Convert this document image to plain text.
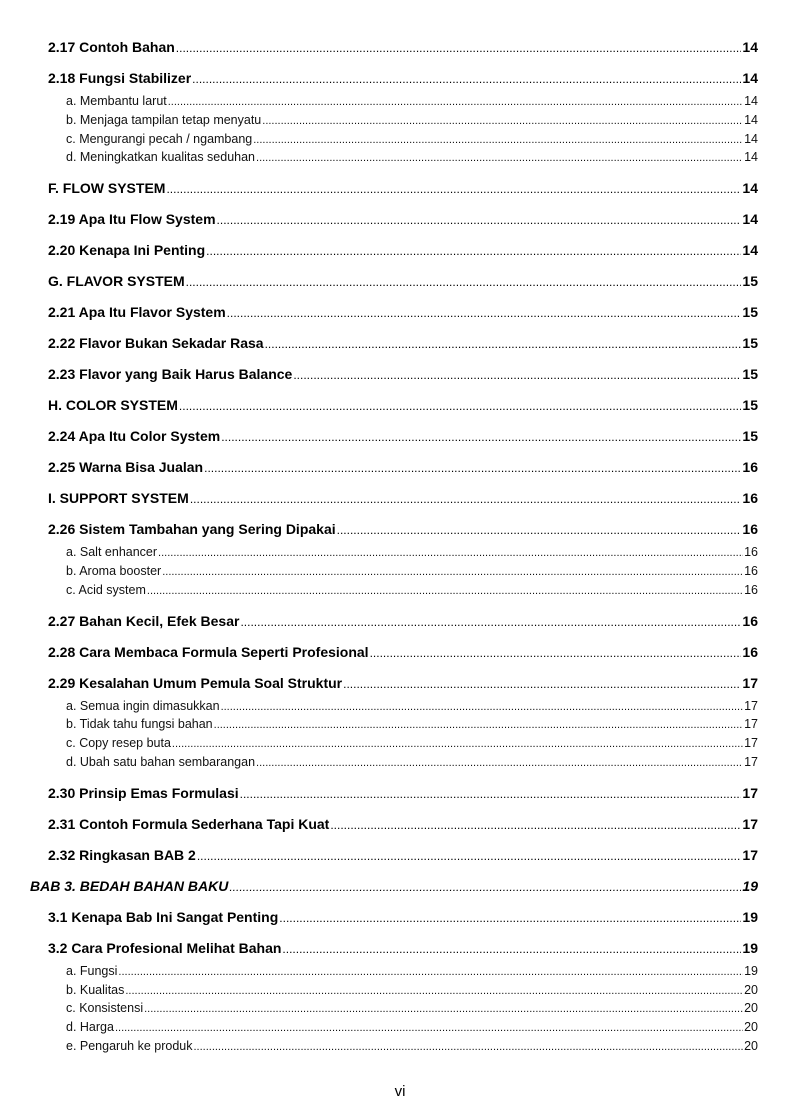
2.17 Contoh Bahan .....	14
2.18 Fungsi Stabilizer .....	14
a. Membantu larut .....	14
b. Menjaga tampilan tetap menyatu .....	14
c. Mengurangi pecah / ngambang .....	14
d. Meningkatkan kualitas seduhan .....	14
F. FLOW SYSTEM .....	14
2.19 Apa Itu Flow System .....	14
2.20 Kenapa Ini Penting .....	14
G. FLAVOR SYSTEM .....	15
2.21 Apa Itu Flavor System .....	15
2.22 Flavor Bukan Sekadar Rasa .....	15
2.23 Flavor yang Baik Harus Balance .....	15
H. COLOR SYSTEM .....	15
2.24 Apa Itu Color System .....	15
2.25 Warna Bisa Jualan .....	16
I. SUPPORT SYSTEM .....	16
2.26 Sistem Tambahan yang Sering Dipakai .....	16
a. Salt enhancer .....	16
b. Aroma booster .....	16
c. Acid system .....	16
2.27 Bahan Kecil, Efek Besar .....	16
2.28 Cara Membaca Formula Seperti Profesional .....	16
2.29 Kesalahan Umum Pemula Soal Struktur .....	17
a. Semua ingin dimasukkan .....	17
b. Tidak tahu fungsi bahan .....	17
c. Copy resep buta .....	17
d. Ubah satu bahan sembarangan .....	17
2.30 Prinsip Emas Formulasi .....	17
2.31 Contoh Formula Sederhana Tapi Kuat .....	17
2.32 Ringkasan BAB 2 .....	17
BAB 3. BEDAH BAHAN BAKU .....	19
3.1 Kenapa Bab Ini Sangat Penting .....	19
3.2 Cara Profesional Melihat Bahan .....	19
a. Fungsi .....	19
b. Kualitas .....	20
c. Konsistensi .....	20
d. Harga .....	20
e. Pengaruh ke produk .....	20
vi
